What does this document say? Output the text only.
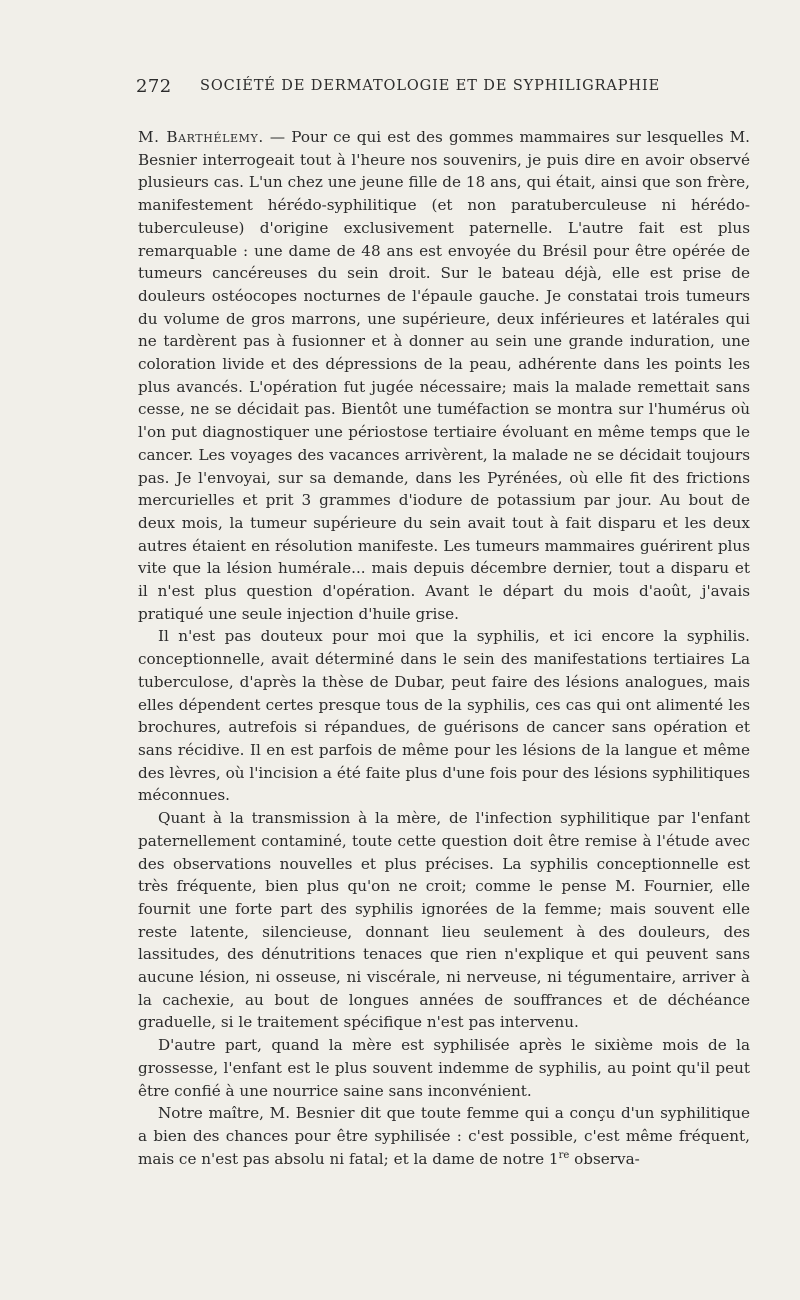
272 SOCIÉTÉ DE DERMATOLOGIE ET DE SYPHILIGRAPHIE

M. Barthélemy. — Pour ce qui est des gommes mammaires sur lesquelles M. Besnier interrogeait tout à l'heure nos souvenirs, je puis dire en avoir observé plusieurs cas. L'un chez une jeune fille de 18 ans, qui était, ainsi que son frère, manifestement hérédo-syphilitique (et non paratuberculeuse ni hérédo-tuberculeuse) d'origine exclusivement paternelle. L'autre fait est plus remarquable : une dame de 48 ans est envoyée du Brésil pour être opérée de tumeurs cancéreuses du sein droit. Sur le bateau déjà, elle est prise de douleurs ostéocopes nocturnes de l'épaule gauche. Je constatai trois tumeurs du volume de gros marrons, une supérieure, deux inférieures et latérales qui ne tardèrent pas à fusionner et à donner au sein une grande induration, une coloration livide et des dépressions de la peau, adhérente dans les points les plus avancés. L'opération fut jugée nécessaire; mais la malade remettait sans cesse, ne se décidait pas. Bientôt une tuméfaction se montra sur l'humérus où l'on put diagnostiquer une périostose tertiaire évoluant en même temps que le cancer. Les voyages des vacances arrivèrent, la malade ne se décidait toujours pas. Je l'envoyai, sur sa demande, dans les Pyrénées, où elle fit des frictions mercurielles et prit 3 grammes d'iodure de potassium par jour. Au bout de deux mois, la tumeur supérieure du sein avait tout à fait disparu et les deux autres étaient en résolution manifeste. Les tumeurs mammaires guérirent plus vite que la lésion humérale... mais depuis décembre dernier, tout a disparu et il n'est plus question d'opération. Avant le départ du mois d'août, j'avais pratiqué une seule injection d'huile grise.

Il n'est pas douteux pour moi que la syphilis, et ici encore la syphilis. conceptionnelle, avait déterminé dans le sein des manifestations tertiaires La tuberculose, d'après la thèse de Dubar, peut faire des lésions analogues, mais elles dépendent certes presque tous de la syphilis, ces cas qui ont alimenté les brochures, autrefois si répandues, de guérisons de cancer sans opération et sans récidive. Il en est parfois de même pour les lésions de la langue et même des lèvres, où l'incision a été faite plus d'une fois pour des lésions syphilitiques méconnues.

Quant à la transmission à la mère, de l'infection syphilitique par l'enfant paternellement contaminé, toute cette question doit être remise à l'étude avec des observations nouvelles et plus précises. La syphilis conceptionnelle est très fréquente, bien plus qu'on ne croit; comme le pense M. Fournier, elle fournit une forte part des syphilis ignorées de la femme; mais souvent elle reste latente, silencieuse, donnant lieu seulement à des douleurs, des lassitudes, des dénutritions tenaces que rien n'explique et qui peuvent sans aucune lésion, ni osseuse, ni viscérale, ni nerveuse, ni tégumentaire, arriver à la cachexie, au bout de longues années de souffrances et de déchéance graduelle, si le traitement spécifique n'est pas intervenu.

D'autre part, quand la mère est syphilisée après le sixième mois de la grossesse, l'enfant est le plus souvent indemme de syphilis, au point qu'il peut être confié à une nourrice saine sans inconvénient.

Notre maître, M. Besnier dit que toute femme qui a conçu d'un syphilitique a bien des chances pour être syphilisée : c'est possible, c'est même fréquent, mais ce n'est pas absolu ni fatal; et la dame de notre 1re observa-
